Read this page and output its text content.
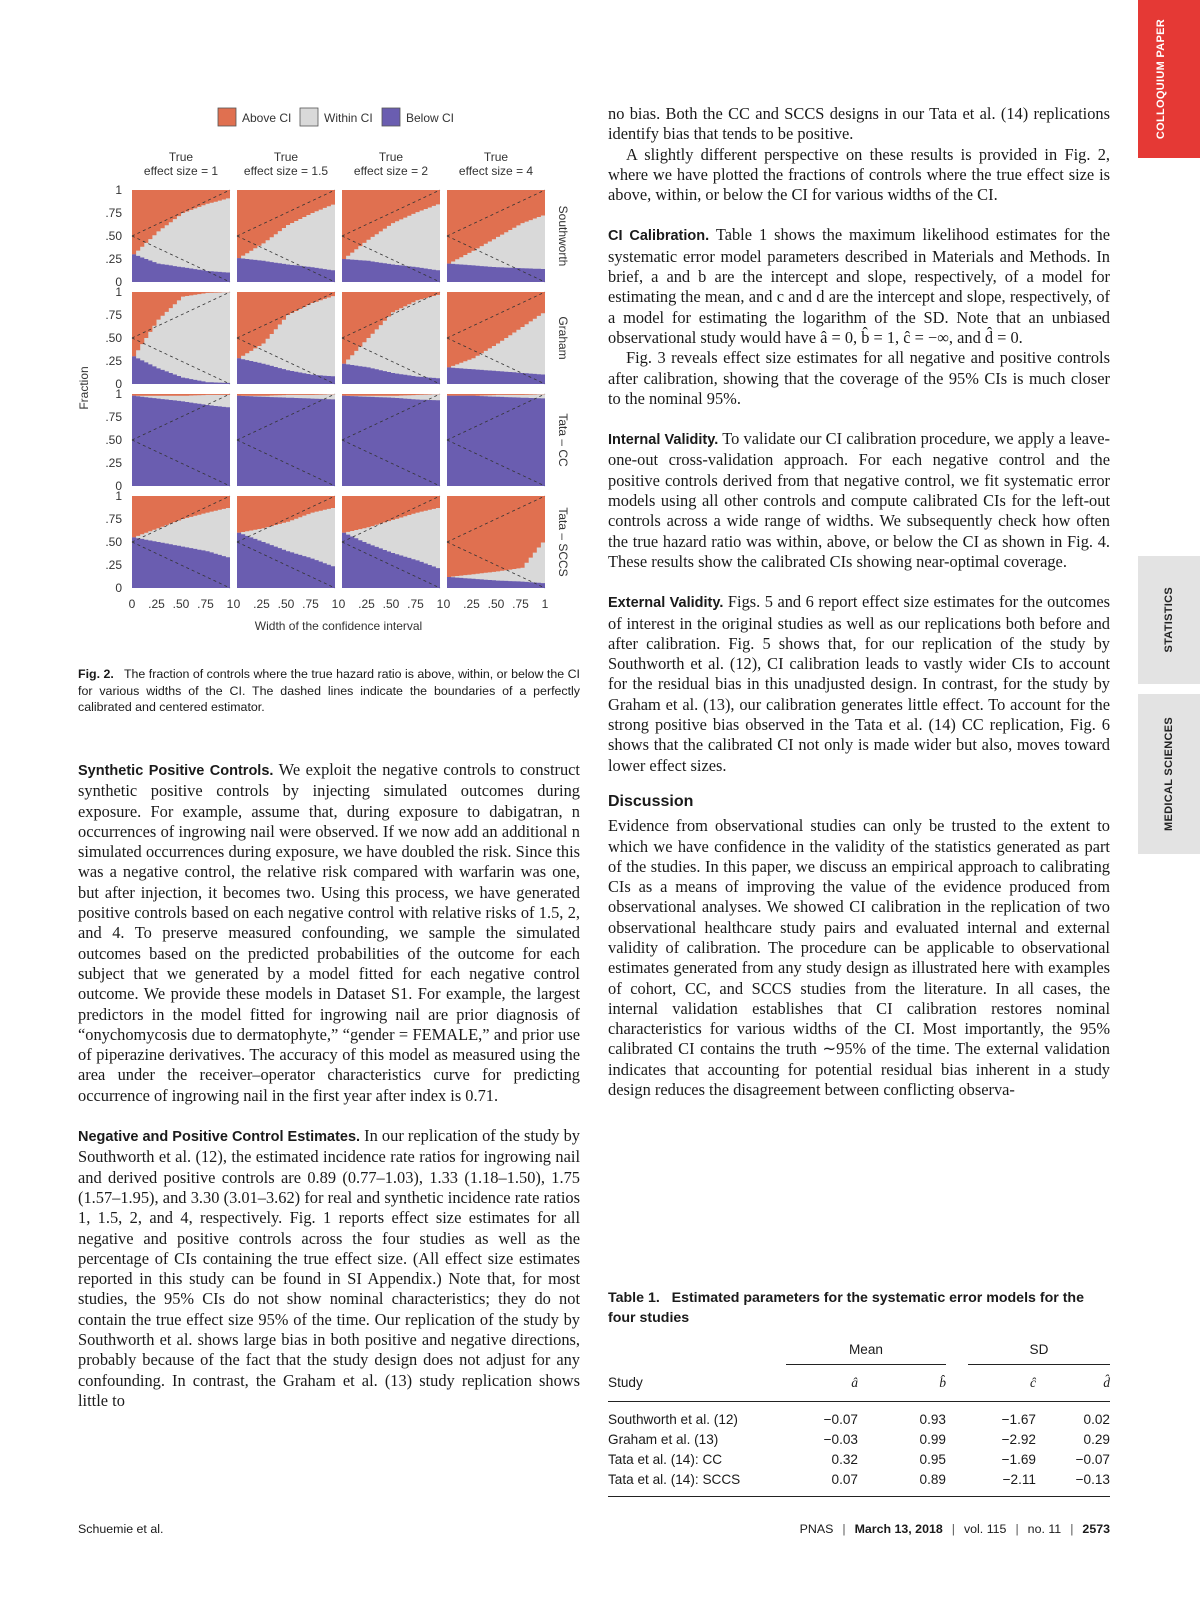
COLLOQUIUM PAPER
STATISTICS
MEDICAL SCIENCES
Above CI	Within CI	Below CI
True
effect size = 1
True
effect size = 1.5
True
effect size = 2
True
effect size = 4
Fraction
Width of the confidence interval
1
.75
.50
.25
0
Southworth
1
.75
.50
.25
0
Graham
1
.75
.50
.25
0
Tata – CC
1
.75
.50
.25
0
Tata – SCCS
0 .25 .50 .75 1 0 .25 .50 .75 1 0 .25 .50 .75 1 0 .25 .50 .75 1
Fig. 2. The fraction of controls where the true hazard ratio is above, within, or below the CI for various widths of the CI. The dashed lines indicate the boundaries of a perfectly calibrated and centered estimator.

Synthetic Positive Controls. We exploit the negative controls to construct synthetic positive controls by injecting simulated outcomes during exposure. For example, assume that, during exposure to dabigatran, n occurrences of ingrowing nail were observed. If we now add an additional n simulated occurrences during exposure, we have doubled the risk. Since this was a negative control, the relative risk compared with warfarin was one, but after injection, it becomes two. Using this process, we have generated positive controls based on each negative control with relative risks of 1.5, 2, and 4. To preserve measured confounding, we sample the simulated outcomes based on the predicted probabilities of the outcome for each subject that we generated by a model fitted for each negative control outcome. We provide these models in Dataset S1. For example, the largest predictors in the model fitted for ingrowing nail are prior diagnosis of “onychomycosis due to dermatophyte,” “gender = FEMALE,” and prior use of piperazine derivatives. The accuracy of this model as measured using the area under the receiver–operator characteristics curve for predicting occurrence of ingrowing nail in the first year after index is 0.71.

Negative and Positive Control Estimates. In our replication of the study by Southworth et al. (12), the estimated incidence rate ratios for ingrowing nail and derived positive controls are 0.89 (0.77–1.03), 1.33 (1.18–1.50), 1.75 (1.57–1.95), and 3.30 (3.01–3.62) for real and synthetic incidence rate ratios 1, 1.5, 2, and 4, respectively. Fig. 1 reports effect size estimates for all negative and positive controls across the four studies as well as the percentage of CIs containing the true effect size. (All effect size estimates reported in this study can be found in SI Appendix.) Note that, for most studies, the 95% CIs do not show nominal characteristics; they do not contain the true effect size 95% of the time. Our replication of the study by Southworth et al. shows large bias in both positive and negative directions, probably because of the fact that the study design does not adjust for any confounding. In contrast, the Graham et al. (13) study replication shows little to

no bias. Both the CC and SCCS designs in our Tata et al. (14) replications identify bias that tends to be positive.

A slightly different perspective on these results is provided in Fig. 2, where we have plotted the fractions of controls where the true effect size is above, within, or below the CI for various widths of the CI.

CI Calibration. Table 1 shows the maximum likelihood estimates for the systematic error model parameters described in Materials and Methods. In brief, a and b are the intercept and slope, respectively, of a model for estimating the mean, and c and d are the intercept and slope, respectively, of a model for estimating the logarithm of the SD. Note that an unbiased observational study would have â = 0, b̂ = 1, ĉ = −∞, and d̂ = 0.

Fig. 3 reveals effect size estimates for all negative and positive controls after calibration, showing that the coverage of the 95% CIs is much closer to the nominal 95%.

Internal Validity. To validate our CI calibration procedure, we apply a leave-one-out cross-validation approach. For each negative control and the positive controls derived from that negative control, we fit systematic error models using all other controls and compute calibrated CIs for the left-out controls across a wide range of widths. We subsequently check how often the true hazard ratio was within, above, or below the CI as shown in Fig. 4. These results show the calibrated CIs showing near-optimal coverage.

External Validity. Figs. 5 and 6 report effect size estimates for the outcomes of interest in the original studies as well as our replications both before and after calibration. Fig. 5 shows that, for our replication of the study by Southworth et al. (12), CI calibration leads to vastly wider CIs to account for the residual bias in this unadjusted design. In contrast, for the study by Graham et al. (13), our calibration generates little effect. To account for the strong positive bias observed in the Tata et al. (14) CC replication, Fig. 6 shows that the calibrated CI not only is made wider but also, moves toward lower effect sizes.

Discussion

Evidence from observational studies can only be trusted to the extent to which we have confidence in the validity of the statistics generated as part of the studies. In this paper, we discuss an empirical approach to calibrating CIs as a means of improving the value of the evidence produced from observational analyses. We showed CI calibration in the replication of two observational healthcare study pairs and evaluated internal and external validity of calibration. The procedure can be applicable to observational estimates generated from any study design as illustrated here with examples of cohort, CC, and SCCS studies from the literature. In all cases, the internal validation establishes that CI calibration restores nominal characteristics for various widths of the CI. Most importantly, the 95% calibrated CI contains the truth ∼95% of the time. The external validation indicates that accounting for potential residual bias inherent in a study design reduces the disagreement between conflicting observa-

Table 1. Estimated parameters for the systematic error models for the four studies
	Mean			SD	
Study	â	b̂		ĉ	d̂
Southworth et al. (12)	−0.07	0.93		−1.67	0.02
Graham et al. (13)	−0.03	0.99		−2.92	0.29
Tata et al. (14): CC	0.32	0.95		−1.69	−0.07
Tata et al. (14): SCCS	0.07	0.89		−2.11	−0.13
Schuemie et al.	PNAS | March 13, 2018 | vol. 115 | no. 11 | 2573
